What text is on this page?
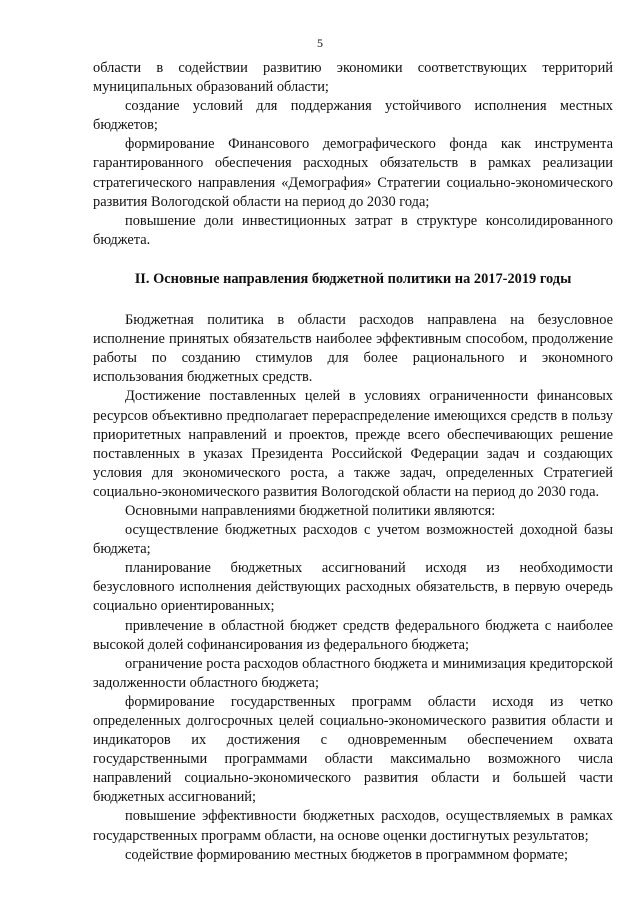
5

области в содействии развитию экономики соответствующих территорий муниципальных образований области;

создание условий для поддержания устойчивого исполнения местных бюджетов;

формирование Финансового демографического фонда как инструмента гарантированного обеспечения расходных обязательств в рамках реализации стратегического направления «Демография» Стратегии социально-экономического развития Вологодской области на период до 2030 года;

повышение доли инвестиционных затрат в структуре консолидированного бюджета.

II. Основные направления бюджетной политики на 2017-2019 годы

Бюджетная политика в области расходов направлена на безусловное исполнение принятых обязательств наиболее эффективным способом, продолжение работы по созданию стимулов для более рационального и экономного использования бюджетных средств.

Достижение поставленных целей в условиях ограниченности финансовых ресурсов объективно предполагает перераспределение имеющихся средств в пользу приоритетных направлений и проектов, прежде всего обеспечивающих решение поставленных в указах Президента Российской Федерации задач и создающих условия для экономического роста, а также задач, определенных Стратегией социально-экономического развития Вологодской области на период до 2030 года.

Основными направлениями бюджетной политики являются:

осуществление бюджетных расходов с учетом возможностей доходной базы бюджета;

планирование бюджетных ассигнований исходя из необходимости безусловного исполнения действующих расходных обязательств, в первую очередь социально ориентированных;

привлечение в областной бюджет средств федерального бюджета с наиболее высокой долей софинансирования из федерального бюджета;

ограничение роста расходов областного бюджета и минимизация кредиторской задолженности областного бюджета;

формирование государственных программ области исходя из четко определенных долгосрочных целей социально-экономического развития области и индикаторов их достижения с одновременным обеспечением охвата государственными программами области максимально возможного числа направлений социально-экономического развития области и большей части бюджетных ассигнований;

повышение эффективности бюджетных расходов, осуществляемых в рамках государственных программ области, на основе оценки достигнутых результатов;

содействие формированию местных бюджетов в программном формате;
